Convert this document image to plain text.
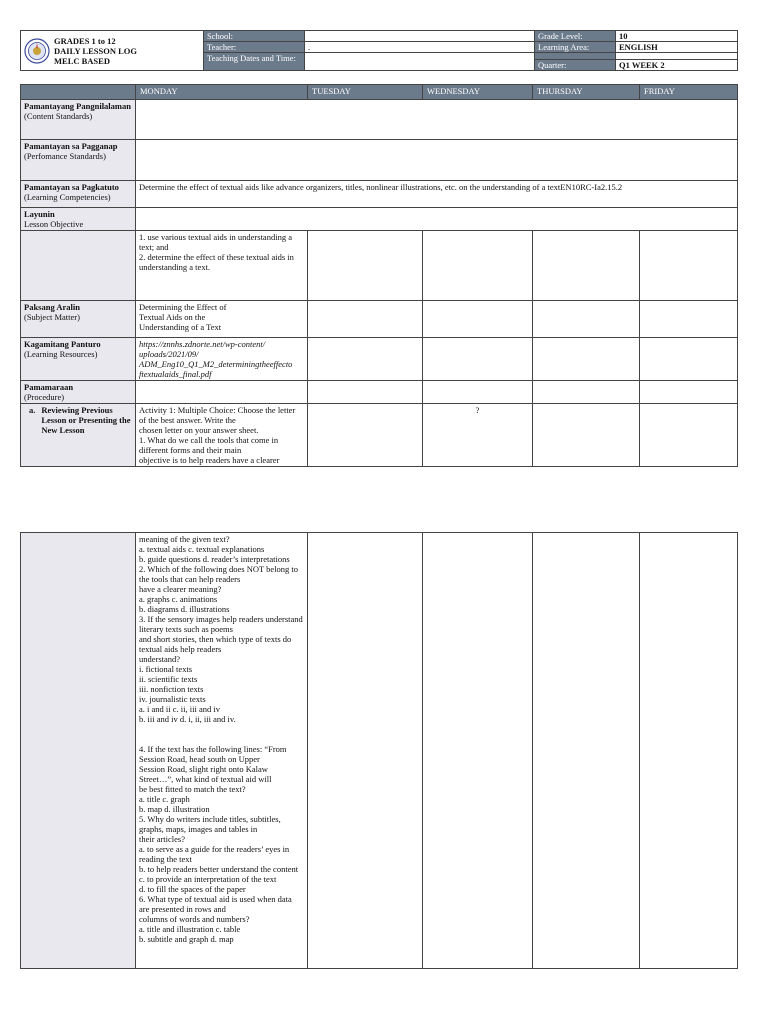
GRADES 1 to 12
DAILY LESSON LOG
MELC BASED	School:		Grade Level:	10
	Teacher:	.	Learning Area:	ENGLISH
	Teaching Dates and Time:			
			Quarter:	Q1 WEEK 2
	MONDAY	TUESDAY	WEDNESDAY	THURSDAY	FRIDAY
Pamantayang Pangnilalaman
(Content Standards)					
Pamantayan sa Pagganap
(Perfomance Standards)					
Pamantayan sa Pagkatuto
(Learning Competencies)	Determine the effect of textual aids like advance organizers, titles, nonlinear illustrations, etc. on the understanding of a textEN10RC-Ia2.15.2				
Layunin
Lesson Objective					
	1. use various textual aids in understanding a text; and
2. determine the effect of these textual aids in understanding a text.				
Paksang Aralin
(Subject Matter)	Determining the Effect of
Textual Aids on the
Understanding of a Text				
Kagamitang Panturo
(Learning Resources)	https://znnhs.zdnorte.net/wp-content/
uploads/2021/09/
ADM_Eng10_Q1_M2_determiningtheeffecto
ftextualaids_final.pdf				
Pamamaraan
(Procedure)					

a. Reviewing Previous Lesson or Presenting the New Lesson	Activity 1: Multiple Choice: Choose the letter of the best answer. Write the
chosen letter on your answer sheet.
1. What do we call the tools that come in different forms and their main
objective is to help readers have a clearer		?		
	meaning of the given text?
a. textual aids c. textual explanations
b. guide questions d. reader’s interpretations
2. Which of the following does NOT belong to the tools that can help readers
have a clearer meaning?
a. graphs c. animations
b. diagrams d. illustrations
3. If the sensory images help readers understand literary texts such as poems
and short stories, then which type of texts do textual aids help readers
understand?
i. fictional texts
ii. scientific texts
iii. nonfiction texts
iv. journalistic texts
a. i and ii c. ii, iii and iv
b. iii and iv d. i, ii, iii and iv.

4. If the text has the following lines: “From Session Road, head south on Upper
Session Road, slight right onto Kalaw
Street…”, what kind of textual aid will
be best fitted to match the text?
a. title c. graph
b. map d. illustration
5. Why do writers include titles, subtitles, graphs, maps, images and tables in
their articles?
a. to serve as a guide for the readers’ eyes in reading the text
b. to help readers better understand the content
c. to provide an interpretation of the text
d. to fill the spaces of the paper
6. What type of textual aid is used when data are presented in rows and
columns of words and numbers?
a. title and illustration c. table
b. subtitle and graph d. map				
